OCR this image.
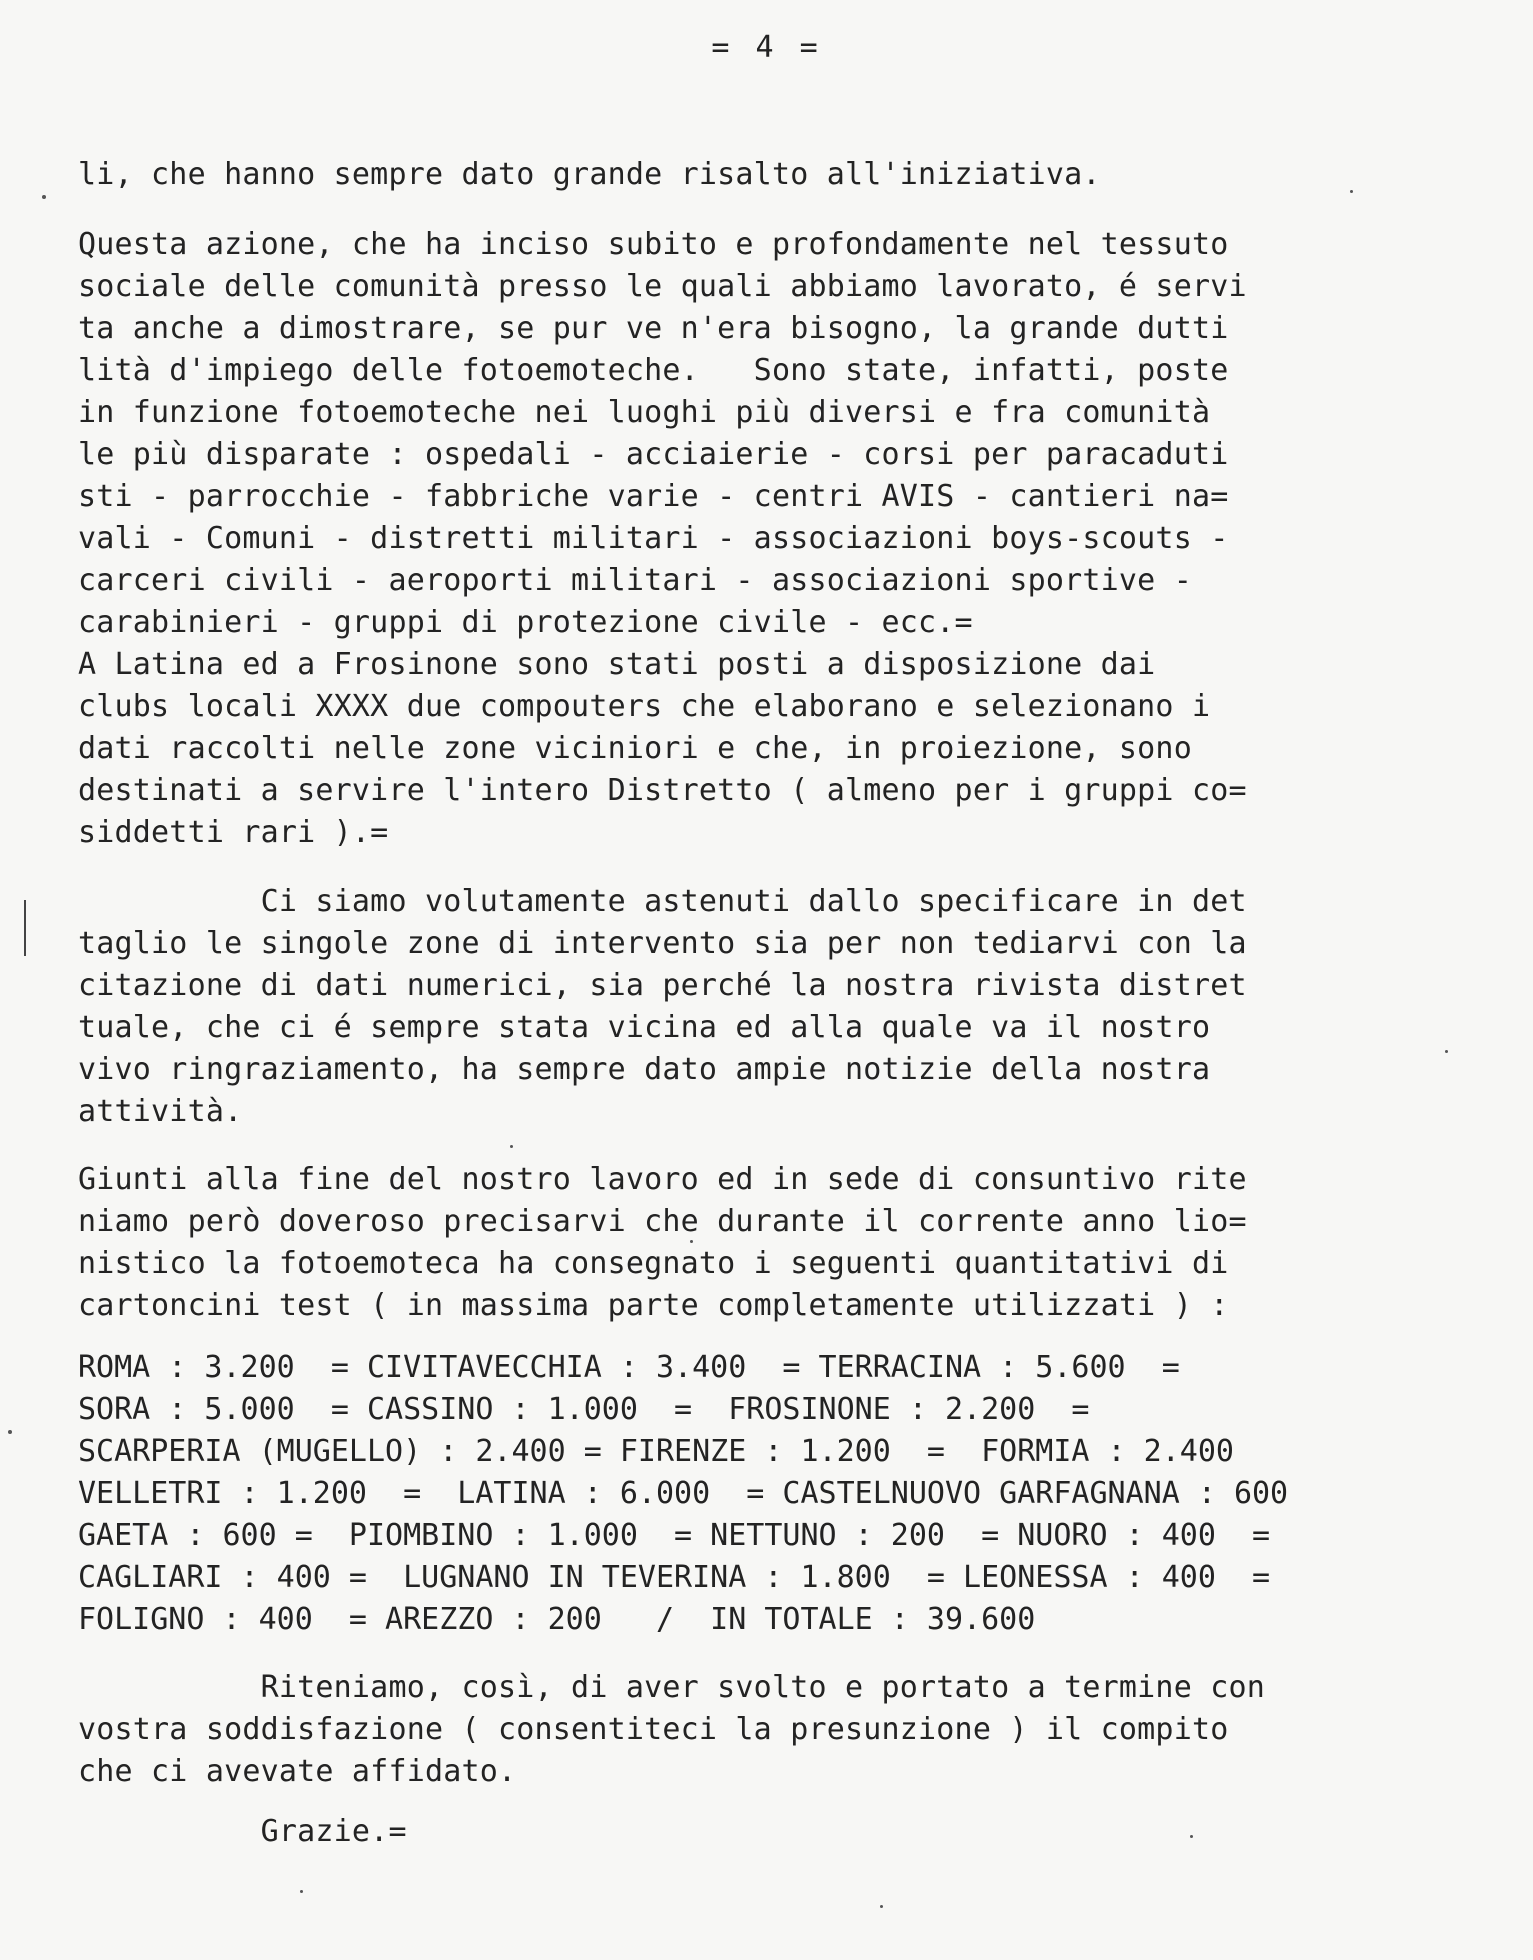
= 4 =
li, che hanno sempre dato grande risalto all'iniziativa.
Questa azione, che ha inciso subito e profondamente nel tessuto
sociale delle comunità presso le quali abbiamo lavorato, é servi
ta anche a dimostrare, se pur ve n'era bisogno, la grande dutti
lità d'impiego delle fotoemoteche.   Sono state, infatti, poste
in funzione fotoemoteche nei luoghi più diversi e fra comunità
le più disparate : ospedali - acciaierie - corsi per paracaduti
sti - parrocchie - fabbriche varie - centri AVIS - cantieri na=
vali - Comuni - distretti militari - associazioni boys-scouts -
carceri civili - aeroporti militari - associazioni sportive -
carabinieri - gruppi di protezione civile - ecc.=
A Latina ed a Frosinone sono stati posti a disposizione dai
clubs locali XXXX due compouters che elaborano e selezionano i
dati raccolti nelle zone viciniori e che, in proiezione, sono
destinati a servire l'intero Distretto ( almeno per i gruppi co=
siddetti rari ).=
Ci siamo volutamente astenuti dallo specificare in det
taglio le singole zone di intervento sia per non tediarvi con la
citazione di dati numerici, sia perché la nostra rivista distret
tuale, che ci é sempre stata vicina ed alla quale va il nostro
vivo ringraziamento, ha sempre dato ampie notizie della nostra
attività.
Giunti alla fine del nostro lavoro ed in sede di consuntivo rite
niamo però doveroso precisarvi che durante il corrente anno lio=
nistico la fotoemoteca ha consegnato i seguenti quantitativi di
cartoncini test ( in massima parte completamente utilizzati ) :
ROMA : 3.200  = CIVITAVECCHIA : 3.400  = TERRACINA : 5.600  =
SORA : 5.000  = CASSINO : 1.000  =  FROSINONE : 2.200  =
SCARPERIA (MUGELLO) : 2.400 = FIRENZE : 1.200  =  FORMIA : 2.400
VELLETRI : 1.200  =  LATINA : 6.000  = CASTELNUOVO GARFAGNANA : 600
GAETA : 600 =  PIOMBINO : 1.000  = NETTUNO : 200  = NUORO : 400  =
CAGLIARI : 400 =  LUGNANO IN TEVERINA : 1.800  = LEONESSA : 400  =
FOLIGNO : 400  = AREZZO : 200   /  IN TOTALE : 39.600
Riteniamo, così, di aver svolto e portato a termine con
vostra soddisfazione ( consentiteci la presunzione ) il compito
che ci avevate affidato.
Grazie.=
